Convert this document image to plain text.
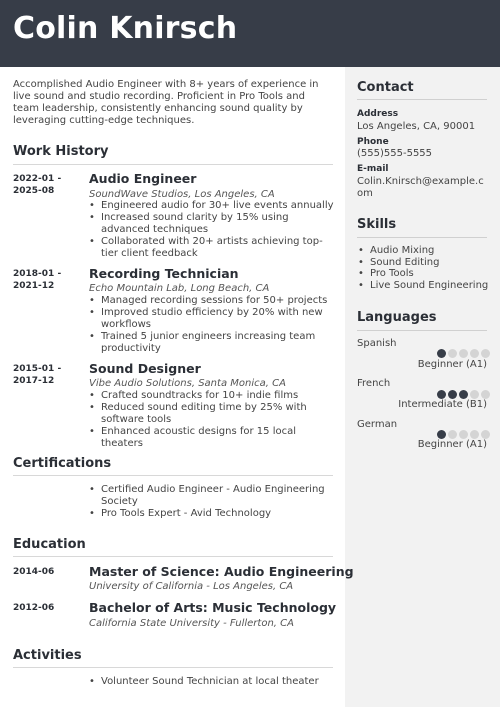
Colin Knirsch

Accomplished Audio Engineer with 8+ years of experience in live sound and studio recording. Proficient in Pro Tools and team leadership, consistently enhancing sound quality by leveraging cutting-edge techniques.

Work History
2022-01 -
2025-08
Audio Engineer
SoundWave Studios, Los Angeles, CA
• Engineered audio for 30+ live events annually
• Increased sound clarity by 15% using advanced techniques
• Collaborated with 20+ artists achieving top-tier client feedback
2018-01 -
2021-12
Recording Technician
Echo Mountain Lab, Long Beach, CA
• Managed recording sessions for 50+ projects
• Improved studio efficiency by 20% with new workflows
• Trained 5 junior engineers increasing team productivity
2015-01 -
2017-12
Sound Designer
Vibe Audio Solutions, Santa Monica, CA
• Crafted soundtracks for 10+ indie films
• Reduced sound editing time by 25% with software tools
• Enhanced acoustic designs for 15 local theaters
Certifications
• Certified Audio Engineer - Audio Engineering Society
• Pro Tools Expert - Avid Technology
Education
2014-06	Master of Science: Audio Engineering
University of California - Los Angeles, CA
2012-06	Bachelor of Arts: Music Technology
California State University - Fullerton, CA
Activities
• Volunteer Sound Technician at local theater
Contact
Address
Los Angeles, CA, 90001
Phone
(555)555-5555
E-mail
Colin.Knirsch@example.com
Skills
• Audio Mixing
• Sound Editing
• Pro Tools
• Live Sound Engineering
Languages
Spanish
Beginner (A1)
French
Intermediate (B1)
German
Beginner (A1)
